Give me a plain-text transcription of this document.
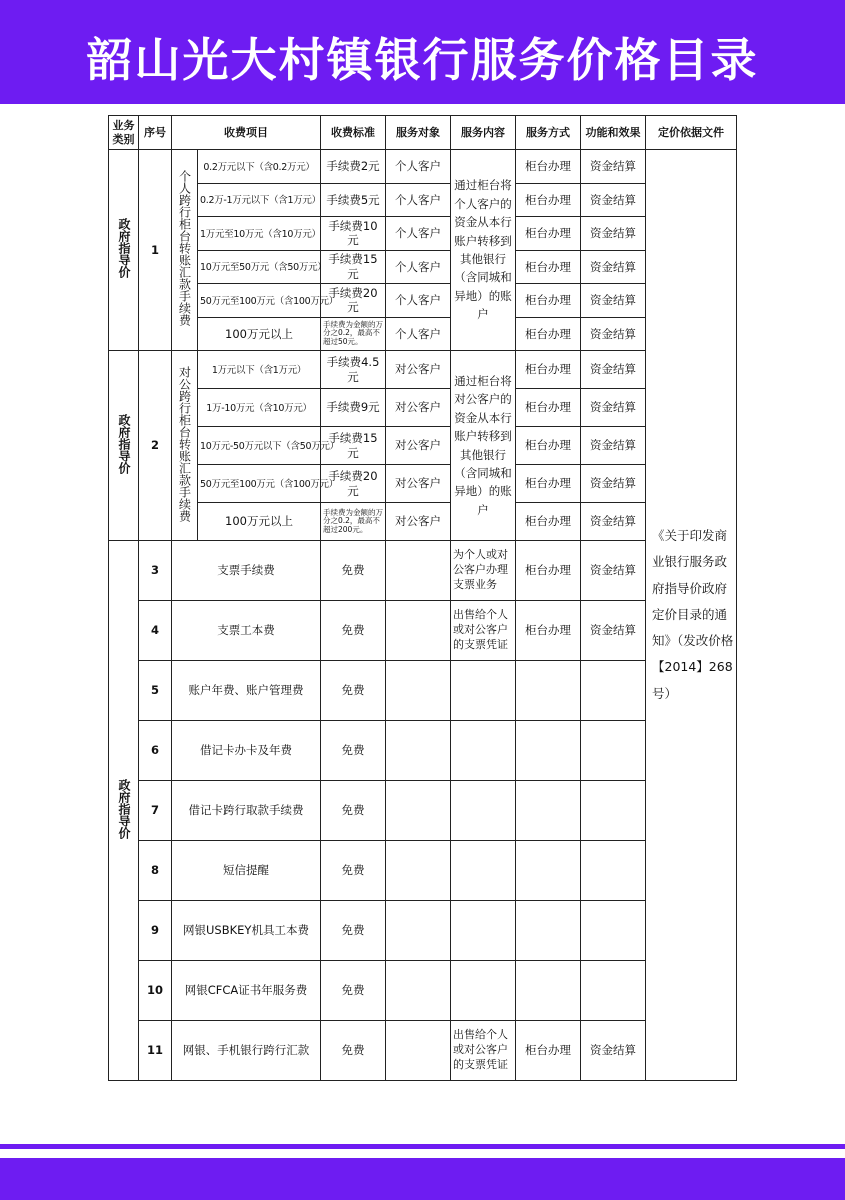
韶山光大村镇银行服务价格目录
业务类别	序号	收费项目		收费标准	服务对象	服务内容	服务方式	功能和效果	定价依据文件
政府指导价	1	个人跨行柜台转账汇款手续费	0.2万元以下（含0.2万元）	手续费2元	个人客户	通过柜台将个人客户的资金从本行账户转移到其他银行（含同城和异地）的账户	柜台办理	资金结算	《关于印发商业银行服务政府指导价政府定价目录的通知》（发改价格【2014】268号）

			0.2万-1万元以下（含1万元）	手续费5元	个人客户		柜台办理	资金结算	
			1万元至10万元（含10万元）	手续费10元	个人客户		柜台办理	资金结算	
			10万元至50万元（含50万元）	手续费15元	个人客户		柜台办理	资金结算	
			50万元至100万元（含100万元）	手续费20元	个人客户		柜台办理	资金结算	
			100万元以上	手续费为金额的万分之0.2，最高不超过50元。	个人客户		柜台办理	资金结算	
政府指导价	2	对公跨行柜台转账汇款手续费	1万元以下（含1万元）	手续费4.5元	对公客户	通过柜台将对公客户的资金从本行账户转移到其他银行（含同城和异地）的账户	柜台办理	资金结算	
			1万-10万元（含10万元）	手续费9元	对公客户		柜台办理	资金结算	
			10万元-50万元以下（含50万元）	手续费15元	对公客户		柜台办理	资金结算	
			50万元至100万元（含100万元）	手续费20元	对公客户		柜台办理	资金结算	
			100万元以上	手续费为金额的万分之0.2，最高不超过200元。	对公客户		柜台办理	资金结算	
政府指导价	3	支票手续费		免费		为个人或对公客户办理支票业务	柜台办理	资金结算	
	4	支票工本费		免费		出售给个人或对公客户的支票凭证	柜台办理	资金结算	
	5	账户年费、账户管理费		免费					
	6	借记卡办卡及年费		免费					
	7	借记卡跨行取款手续费		免费					
	8	短信提醒		免费					
	9	网银USBKEY机具工本费		免费					
	10	网银CFCA证书年服务费		免费					
	11	网银、手机银行跨行汇款		免费		出售给个人或对公客户的支票凭证	柜台办理	资金结算	
